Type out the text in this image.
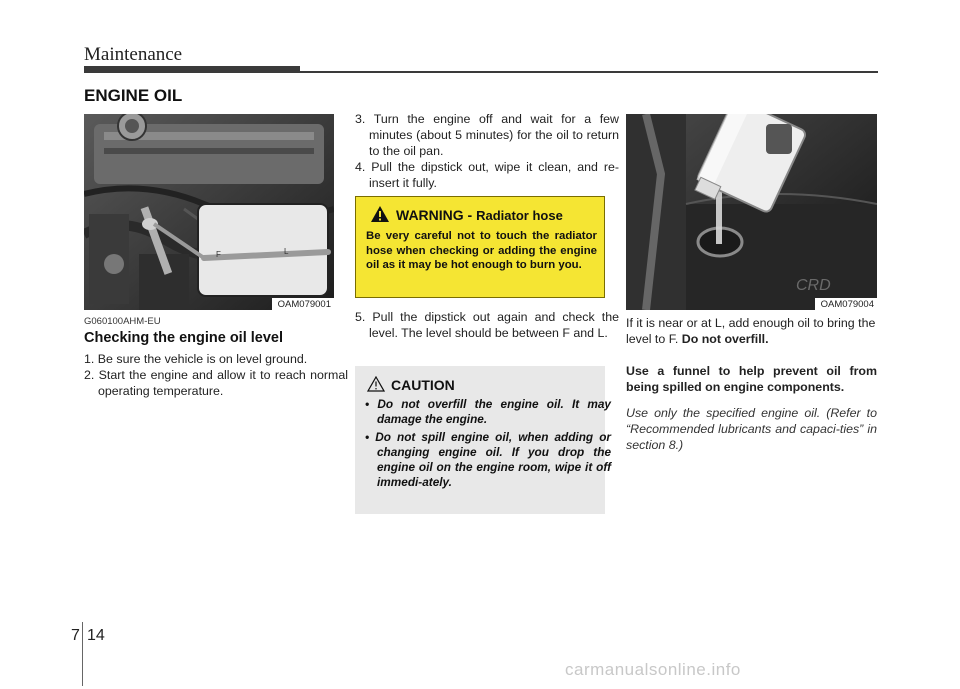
Maintenance
ENGINE OIL
F	L
OAM079001
G060100AHM-EU
Checking the engine oil level
1. Be sure the vehicle is on level ground.
2. Start the engine and allow it to reach normal operating temperature.
3. Turn the engine off and wait for a few minutes (about 5 minutes) for the oil to return to the oil pan.
4. Pull the dipstick out, wipe it clean, and re-insert it fully.
WARNING - Radiator hose
Be very careful not to touch the radiator hose when checking or adding the engine oil as it may be hot enough to burn you.
5. Pull the dipstick out again and check the level. The level should be between F and L.
CAUTION
• Do not overfill the engine oil. It may damage the engine.
• Do not spill engine oil, when adding or changing engine oil. If you drop the engine oil on the engine room, wipe it off immedi-ately.
CRD
OAM079004
If it is near or at L, add enough oil to bring the level to F. Do not overfill.
Use a funnel to help prevent oil from being spilled on engine components.
Use only the specified engine oil. (Refer to “Recommended lubricants and capaci-ties” in section 8.)
7 14
carmanualsonline.info
